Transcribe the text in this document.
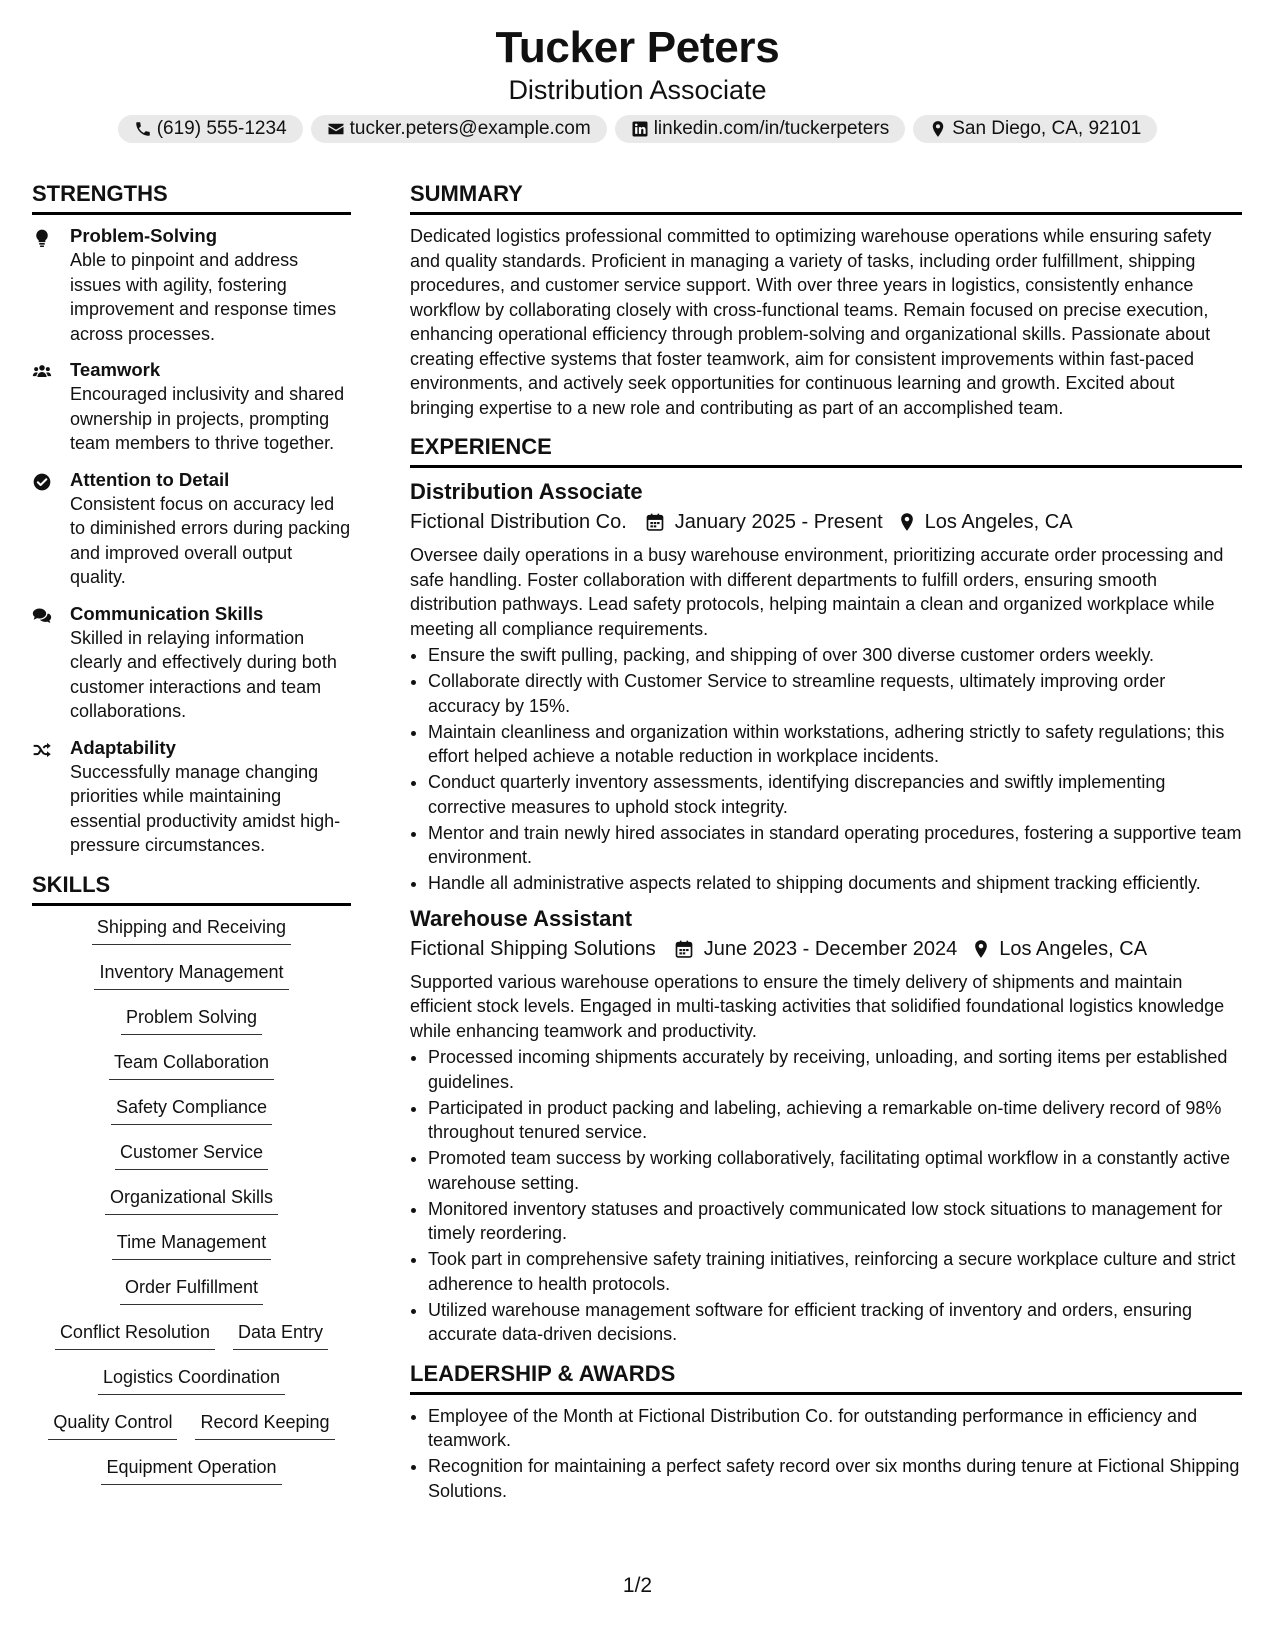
Tucker Peters
Distribution Associate
(619) 555-1234	tucker.peters@example.com	linkedin.com/in/tuckerpeters	San Diego, CA, 92101
STRENGTHS
Problem-Solving
Able to pinpoint and address issues with agility, fostering improvement and response times across processes.
Teamwork
Encouraged inclusivity and shared ownership in projects, prompting team members to thrive together.
Attention to Detail
Consistent focus on accuracy led to diminished errors during packing and improved overall output quality.
Communication Skills
Skilled in relaying information clearly and effectively during both customer interactions and team collaborations.
Adaptability
Successfully manage changing priorities while maintaining essential productivity amidst high-pressure circumstances.
SKILLS
Shipping and Receiving
Inventory Management
Problem Solving
Team Collaboration
Safety Compliance
Customer Service
Organizational Skills
Time Management
Order Fulfillment
Conflict Resolution Data Entry
Logistics Coordination
Quality Control Record Keeping
Equipment Operation
SUMMARY
Dedicated logistics professional committed to optimizing warehouse operations while ensuring safety and quality standards. Proficient in managing a variety of tasks, including order fulfillment, shipping procedures, and customer service support. With over three years in logistics, consistently enhance workflow by collaborating closely with cross-functional teams. Remain focused on precise execution, enhancing operational efficiency through problem-solving and organizational skills. Passionate about creating effective systems that foster teamwork, aim for consistent improvements within fast-paced environments, and actively seek opportunities for continuous learning and growth. Excited about bringing expertise to a new role and contributing as part of an accomplished team.
EXPERIENCE
Distribution Associate
Fictional Distribution Co. January 2025 - Present Los Angeles, CA
Oversee daily operations in a busy warehouse environment, prioritizing accurate order processing and safe handling. Foster collaboration with different departments to fulfill orders, ensuring smooth distribution pathways. Lead safety protocols, helping maintain a clean and organized workplace while meeting all compliance requirements.
• Ensure the swift pulling, packing, and shipping of over 300 diverse customer orders weekly.
• Collaborate directly with Customer Service to streamline requests, ultimately improving order accuracy by 15%.
• Maintain cleanliness and organization within workstations, adhering strictly to safety regulations; this effort helped achieve a notable reduction in workplace incidents.
• Conduct quarterly inventory assessments, identifying discrepancies and swiftly implementing corrective measures to uphold stock integrity.
• Mentor and train newly hired associates in standard operating procedures, fostering a supportive team environment.
• Handle all administrative aspects related to shipping documents and shipment tracking efficiently.
Warehouse Assistant
Fictional Shipping Solutions June 2023 - December 2024 Los Angeles, CA
Supported various warehouse operations to ensure the timely delivery of shipments and maintain efficient stock levels. Engaged in multi-tasking activities that solidified foundational logistics knowledge while enhancing teamwork and productivity.
• Processed incoming shipments accurately by receiving, unloading, and sorting items per established guidelines.
• Participated in product packing and labeling, achieving a remarkable on-time delivery record of 98% throughout tenured service.
• Promoted team success by working collaboratively, facilitating optimal workflow in a constantly active warehouse setting.
• Monitored inventory statuses and proactively communicated low stock situations to management for timely reordering.
• Took part in comprehensive safety training initiatives, reinforcing a secure workplace culture and strict adherence to health protocols.
• Utilized warehouse management software for efficient tracking of inventory and orders, ensuring accurate data-driven decisions.
LEADERSHIP & AWARDS
• Employee of the Month at Fictional Distribution Co. for outstanding performance in efficiency and teamwork.
• Recognition for maintaining a perfect safety record over six months during tenure at Fictional Shipping Solutions.
1/2
